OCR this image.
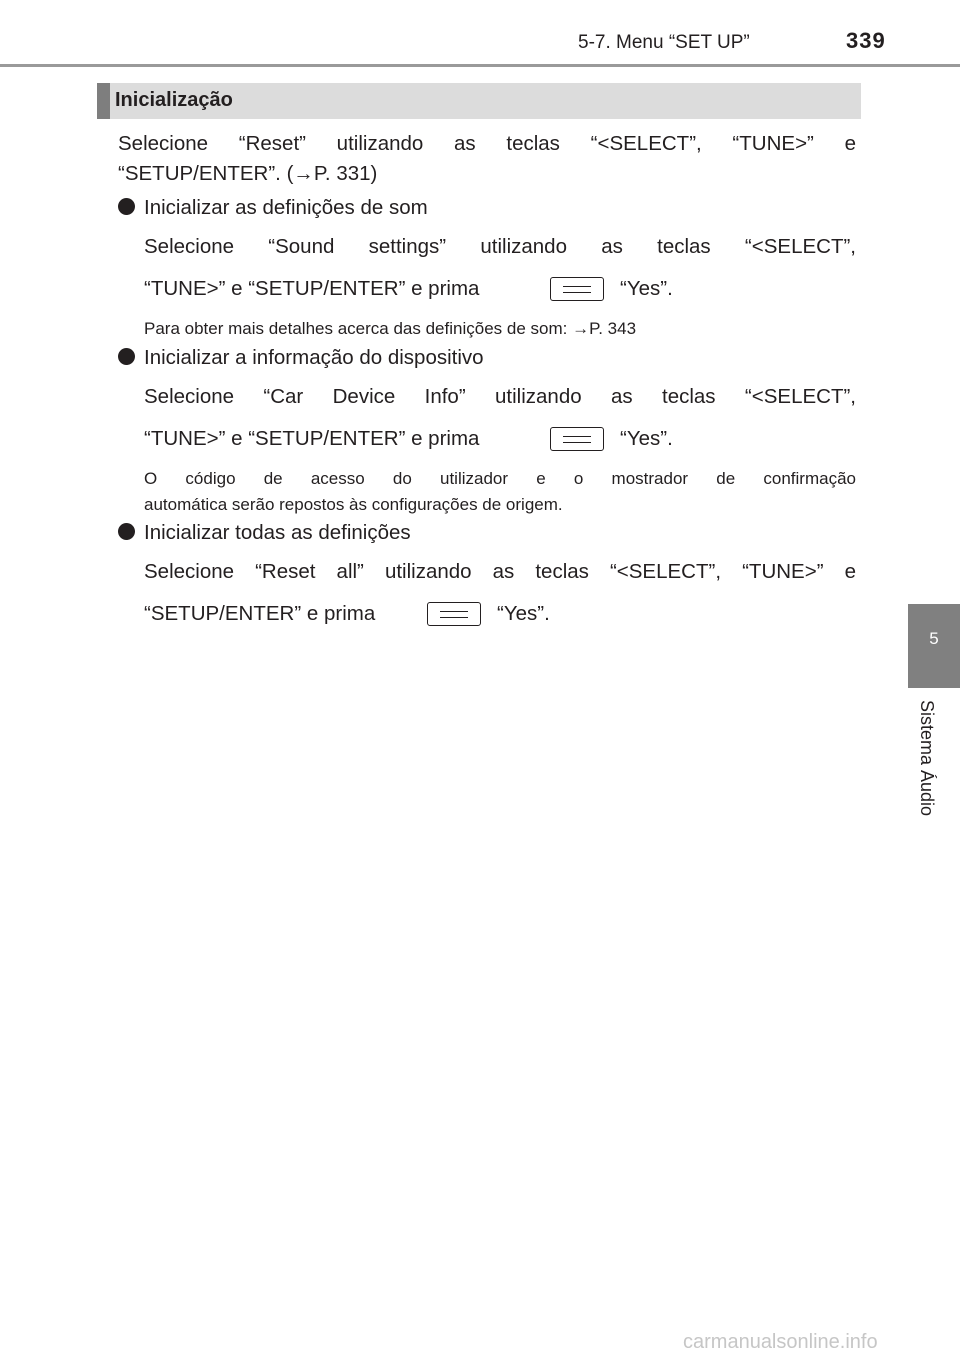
5-7. Menu “SET UP”	339
Inicialização
Selecione “Reset” utilizando as teclas “<SELECT”, “TUNE>” e
“SETUP/ENTER”. (→P. 331)
Inicializar as definições de som
Selecione “Sound settings” utilizando as teclas “<SELECT”,
“TUNE>” e “SETUP/ENTER” e prima	“Yes”.
Para obter mais detalhes acerca das definições de som: →P. 343
Inicializar a informação do dispositivo
Selecione “Car Device Info” utilizando as teclas “<SELECT”,
“TUNE>” e “SETUP/ENTER” e prima	“Yes”.
O código de acesso do utilizador e o mostrador de confirmação
automática serão repostos às configurações de origem.
Inicializar todas as definições
Selecione “Reset all” utilizando as teclas “<SELECT”, “TUNE>” e
“SETUP/ENTER” e prima	“Yes”.
5
Sistema Áudio
carmanualsonline.info
